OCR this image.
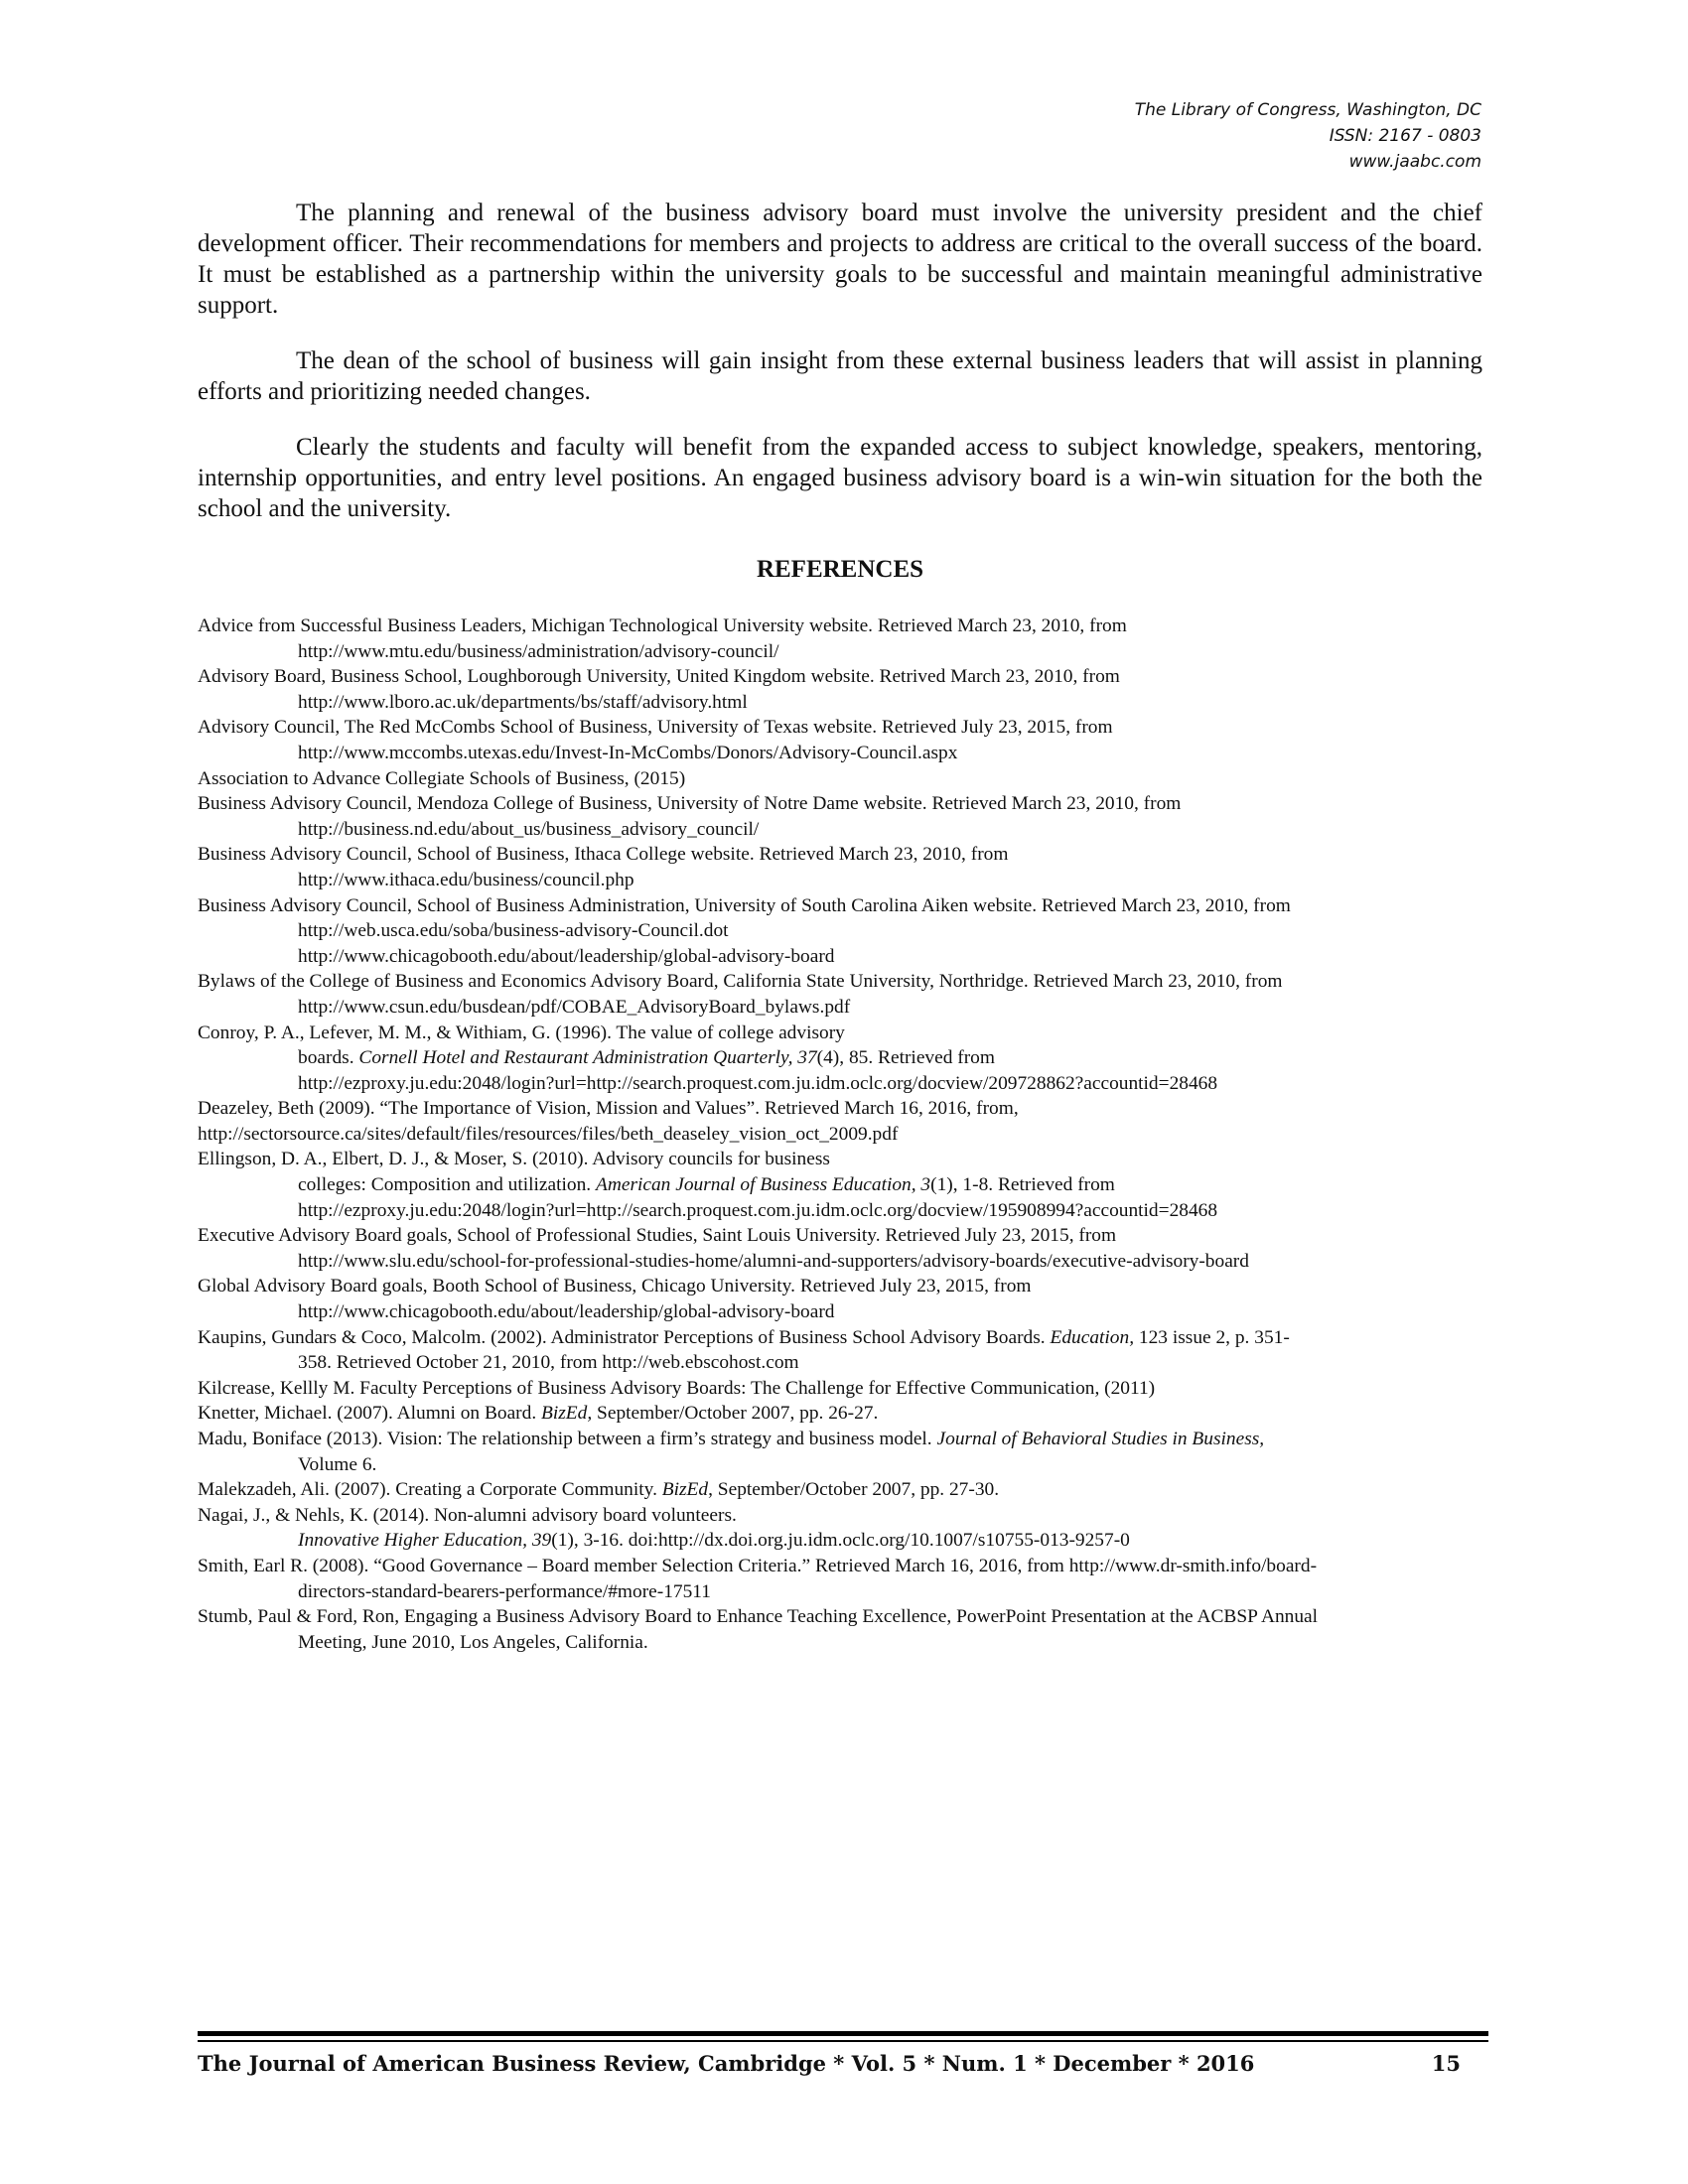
The Library of Congress, Washington, DC
ISSN: 2167 - 0803
www.jaabc.com

The planning and renewal of the business advisory board must involve the university president and the chief development officer. Their recommendations for members and projects to address are critical to the overall success of the board. It must be established as a partnership within the university goals to be successful and maintain meaningful administrative support.

The dean of the school of business will gain insight from these external business leaders that will assist in planning efforts and prioritizing needed changes.

Clearly the students and faculty will benefit from the expanded access to subject knowledge, speakers, mentoring, internship opportunities, and entry level positions. An engaged business advisory board is a win-win situation for the both the school and the university.

REFERENCES
Advice from Successful Business Leaders, Michigan Technological University website. Retrieved March 23, 2010, from
http://www.mtu.edu/business/administration/advisory-council/
Advisory Board, Business School, Loughborough University, United Kingdom website. Retrived March 23, 2010, from
http://www.lboro.ac.uk/departments/bs/staff/advisory.html
Advisory Council, The Red McCombs School of Business, University of Texas website. Retrieved July 23, 2015, from
http://www.mccombs.utexas.edu/Invest-In-McCombs/Donors/Advisory-Council.aspx
Association to Advance Collegiate Schools of Business, (2015)
Business Advisory Council, Mendoza College of Business, University of Notre Dame website. Retrieved March 23, 2010, from
http://business.nd.edu/about_us/business_advisory_council/
Business Advisory Council, School of Business, Ithaca College website. Retrieved March 23, 2010, from
http://www.ithaca.edu/business/council.php
Business Advisory Council, School of Business Administration, University of South Carolina Aiken website. Retrieved March 23, 2010, from
http://web.usca.edu/soba/business-advisory-Council.dot
http://www.chicagobooth.edu/about/leadership/global-advisory-board
Bylaws of the College of Business and Economics Advisory Board, California State University, Northridge. Retrieved March 23, 2010, from
http://www.csun.edu/busdean/pdf/COBAE_AdvisoryBoard_bylaws.pdf
Conroy, P. A., Lefever, M. M., & Withiam, G. (1996). The value of college advisory
boards. Cornell Hotel and Restaurant Administration Quarterly, 37(4), 85. Retrieved from
http://ezproxy.ju.edu:2048/login?url=http://search.proquest.com.ju.idm.oclc.org/docview/209728862?accountid=28468
Deazeley, Beth (2009). “The Importance of Vision, Mission and Values”. Retrieved March 16, 2016, from,
http://sectorsource.ca/sites/default/files/resources/files/beth_deaseley_vision_oct_2009.pdf
Ellingson, D. A., Elbert, D. J., & Moser, S. (2010). Advisory councils for business
colleges: Composition and utilization. American Journal of Business Education, 3(1), 1-8. Retrieved from
http://ezproxy.ju.edu:2048/login?url=http://search.proquest.com.ju.idm.oclc.org/docview/195908994?accountid=28468
Executive Advisory Board goals, School of Professional Studies, Saint Louis University. Retrieved July 23, 2015, from
http://www.slu.edu/school-for-professional-studies-home/alumni-and-supporters/advisory-boards/executive-advisory-board
Global Advisory Board goals, Booth School of Business, Chicago University. Retrieved July 23, 2015, from
http://www.chicagobooth.edu/about/leadership/global-advisory-board
Kaupins, Gundars & Coco, Malcolm. (2002). Administrator Perceptions of Business School Advisory Boards. Education, 123 issue 2, p. 351-
358. Retrieved October 21, 2010, from http://web.ebscohost.com
Kilcrease, Kellly M. Faculty Perceptions of Business Advisory Boards: The Challenge for Effective Communication, (2011)
Knetter, Michael. (2007). Alumni on Board. BizEd, September/October 2007, pp. 26-27.
Madu, Boniface (2013). Vision: The relationship between a firm’s strategy and business model. Journal of Behavioral Studies in Business,
Volume 6.
Malekzadeh, Ali. (2007). Creating a Corporate Community. BizEd, September/October 2007, pp. 27-30.
Nagai, J., & Nehls, K. (2014). Non-alumni advisory board volunteers.
Innovative Higher Education, 39(1), 3-16. doi:http://dx.doi.org.ju.idm.oclc.org/10.1007/s10755-013-9257-0
Smith, Earl R. (2008). “Good Governance – Board member Selection Criteria.” Retrieved March 16, 2016, from http://www.dr-smith.info/board-
directors-standard-bearers-performance/#more-17511
Stumb, Paul & Ford, Ron, Engaging a Business Advisory Board to Enhance Teaching Excellence, PowerPoint Presentation at the ACBSP Annual
Meeting, June 2010, Los Angeles, California.
The Journal of American Business Review, Cambridge * Vol. 5 * Num. 1 * December * 2016	15
